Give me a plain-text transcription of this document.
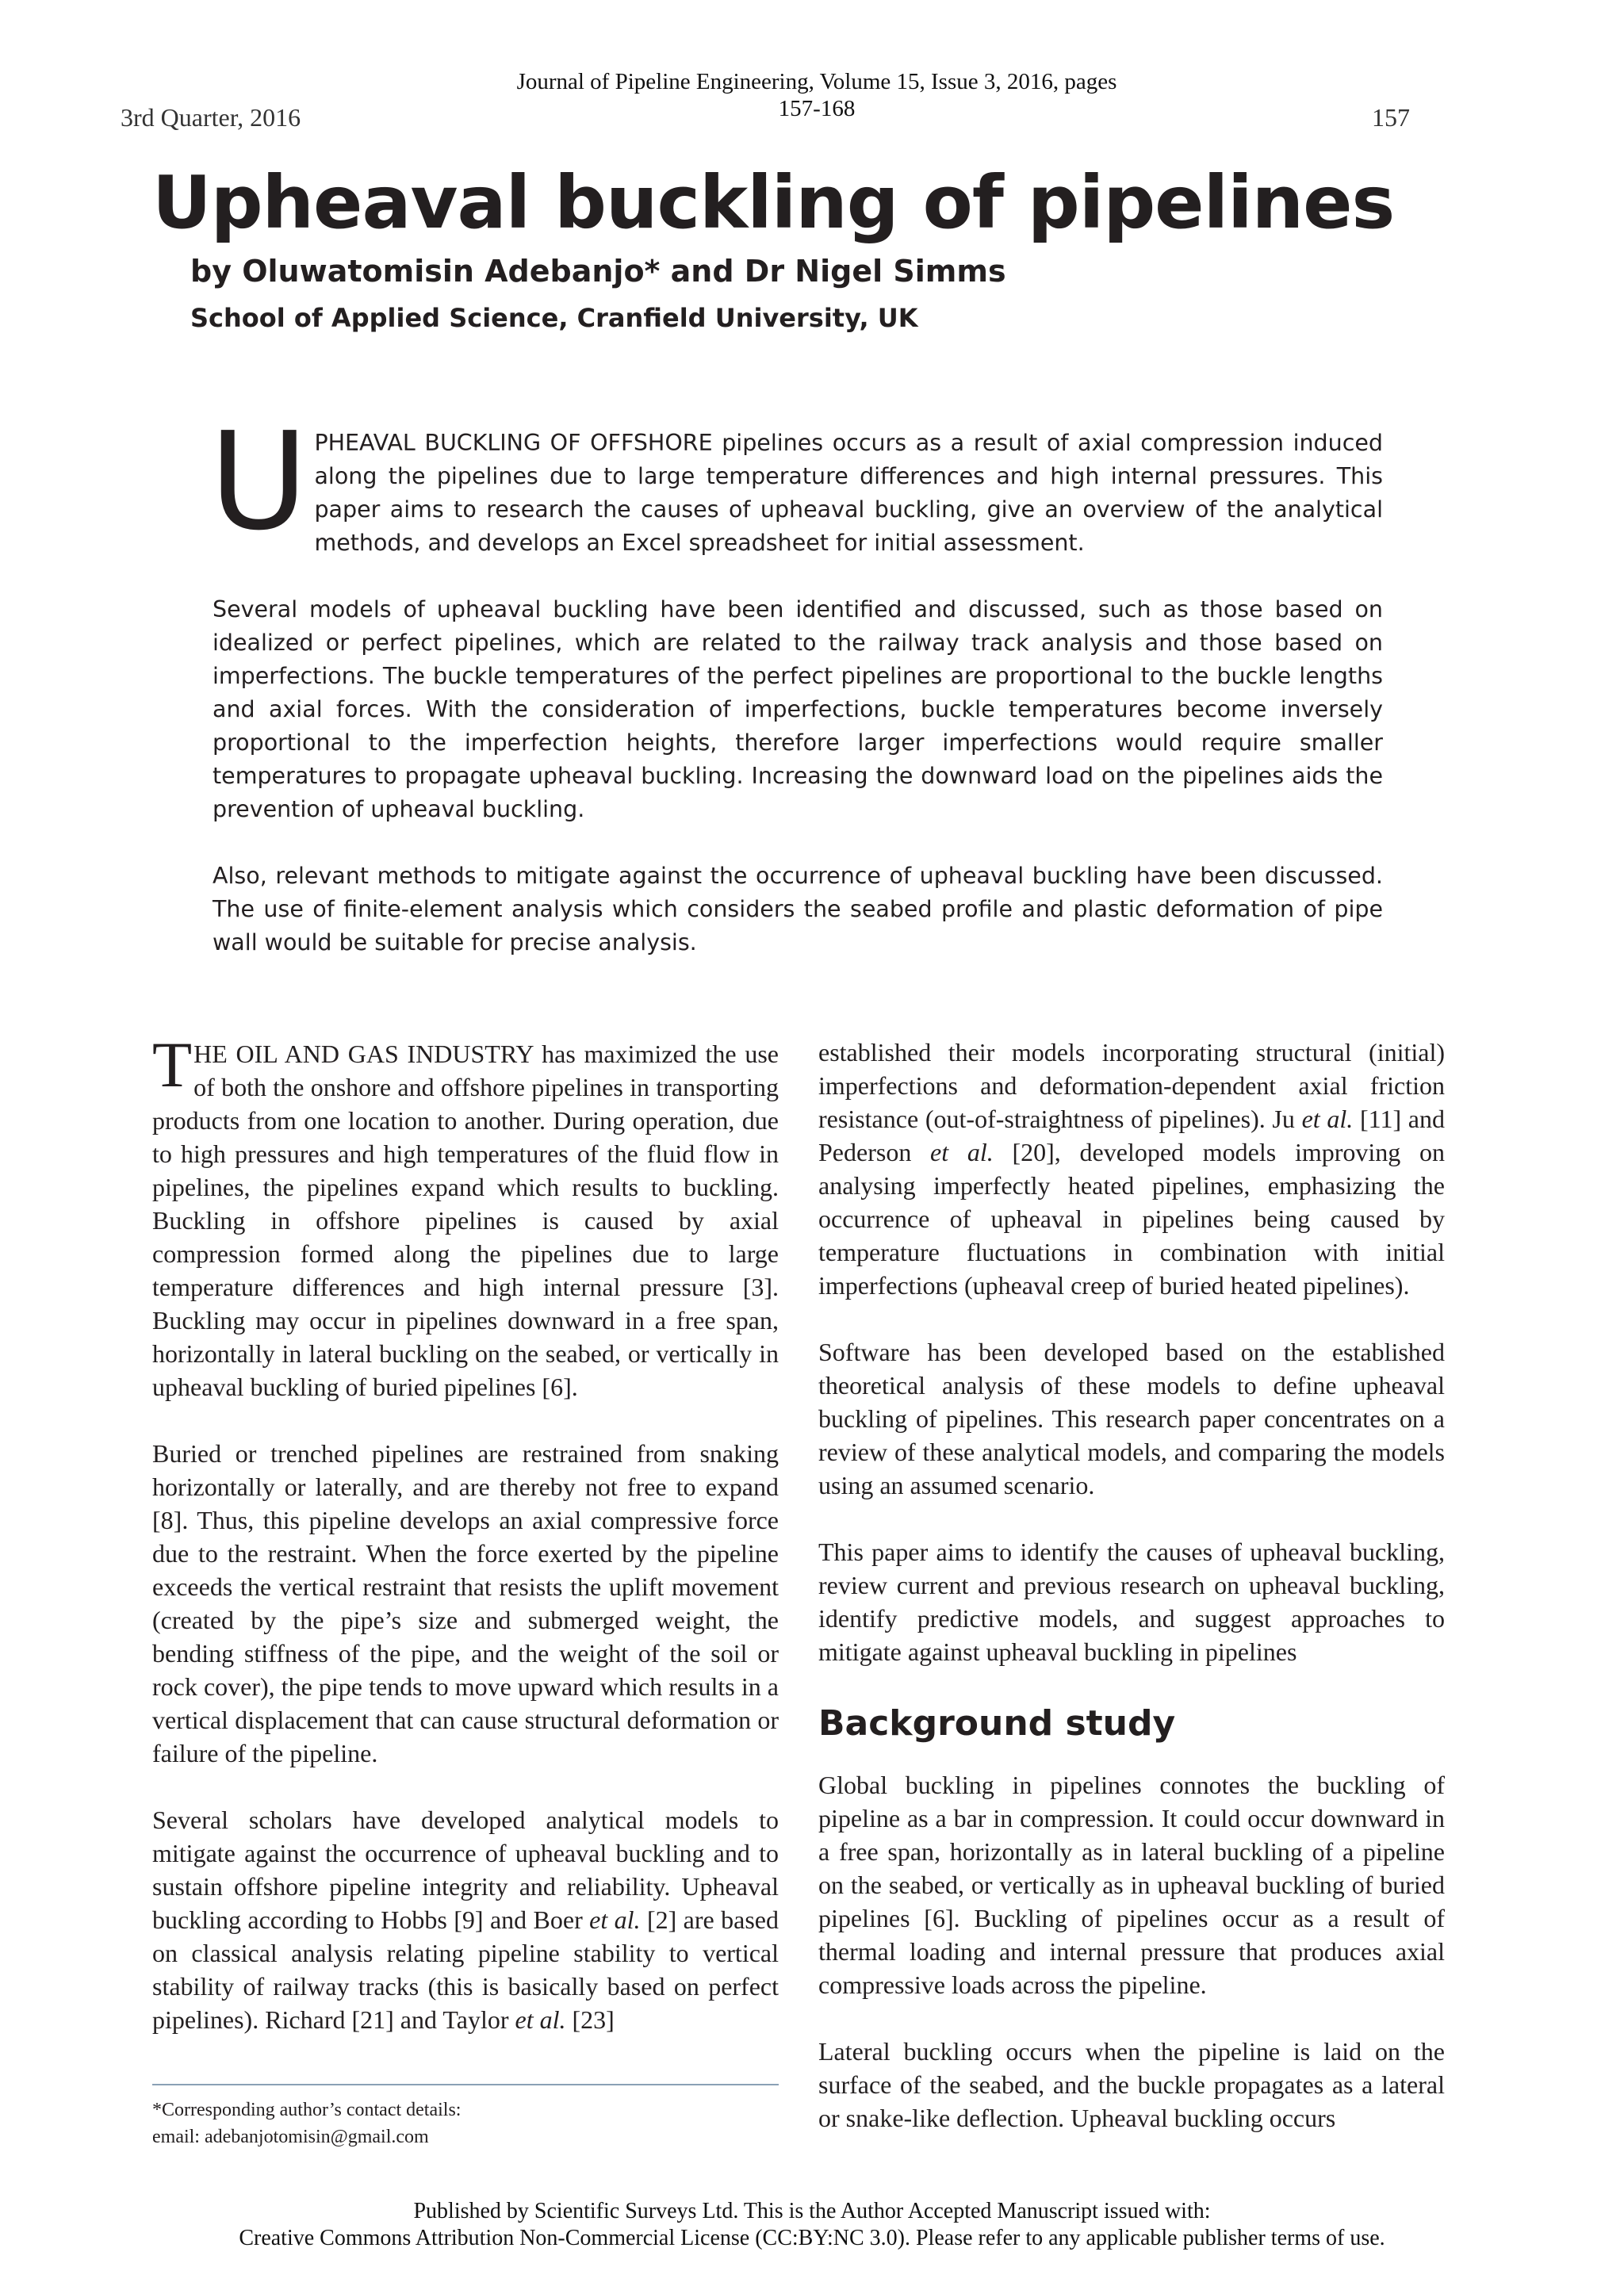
Journal of Pipeline Engineering, Volume 15, Issue 3, 2016, pages
157-168
3rd Quarter, 2016	157
Upheaval buckling of pipelines
by Oluwatomisin Adebanjo* and Dr Nigel Simms
School of Applied Science, Cranfield University, UK

UPHEAVAL BUCKLING OF OFFSHORE pipelines occurs as a result of axial compression induced along the pipelines due to large temperature differences and high internal pressures. This paper aims to research the causes of upheaval buckling, give an overview of the analytical methods, and develops an Excel spreadsheet for initial assessment.

Several models of upheaval buckling have been identified and discussed, such as those based on idealized or perfect pipelines, which are related to the railway track analysis and those based on imperfections. The buckle temperatures of the perfect pipelines are proportional to the buckle lengths and axial forces. With the consideration of imperfections, buckle temperatures become inversely proportional to the imperfection heights, therefore larger imperfections would require smaller temperatures to propagate upheaval buckling. Increasing the downward load on the pipelines aids the prevention of upheaval buckling.

Also, relevant methods to mitigate against the occurrence of upheaval buckling have been discussed. The use of finite-element analysis which considers the seabed profile and plastic deformation of pipe wall would be suitable for precise analysis.

THE OIL AND GAS INDUSTRY has maximized the use of both the onshore and offshore pipelines in transporting products from one location to another. During operation, due to high pressures and high temperatures of the fluid flow in pipelines, the pipelines expand which results to buckling. Buckling in offshore pipelines is caused by axial compression formed along the pipelines due to large temperature differences and high internal pressure [3]. Buckling may occur in pipelines downward in a free span, horizontally in lateral buckling on the seabed, or vertically in upheaval buckling of buried pipelines [6].

Buried or trenched pipelines are restrained from snaking horizontally or laterally, and are thereby not free to expand [8]. Thus, this pipeline develops an axial compressive force due to the restraint. When the force exerted by the pipeline exceeds the vertical restraint that resists the uplift movement (created by the pipe’s size and submerged weight, the bending stiffness of the pipe, and the weight of the soil or rock cover), the pipe tends to move upward which results in a vertical displacement that can cause structural deformation or failure of the pipeline.

Several scholars have developed analytical models to mitigate against the occurrence of upheaval buckling and to sustain offshore pipeline integrity and reliability. Upheaval buckling according to Hobbs [9] and Boer et al. [2] are based on classical analysis relating pipeline stability to vertical stability of railway tracks (this is basically based on perfect pipelines). Richard [21] and Taylor et al. [23]

established their models incorporating structural (initial) imperfections and deformation-dependent axial friction resistance (out-of-straightness of pipelines). Ju et al. [11] and Pederson et al. [20], developed models improving on analysing imperfectly heated pipelines, emphasizing the occurrence of upheaval in pipelines being caused by temperature fluctuations in combination with initial imperfections (upheaval creep of buried heated pipelines).

Software has been developed based on the established theoretical analysis of these models to define upheaval buckling of pipelines. This research paper concentrates on a review of these analytical models, and comparing the models using an assumed scenario.

This paper aims to identify the causes of upheaval buckling, review current and previous research on upheaval buckling, identify predictive models, and suggest approaches to mitigate against upheaval buckling in pipelines

Background study

Global buckling in pipelines connotes the buckling of pipeline as a bar in compression. It could occur downward in a free span, horizontally as in lateral buckling of a pipeline on the seabed, or vertically as in upheaval buckling of buried pipelines [6]. Buckling of pipelines occur as a result of thermal loading and internal pressure that produces axial compressive loads across the pipeline.

Lateral buckling occurs when the pipeline is laid on the surface of the seabed, and the buckle propagates as a lateral or snake-like deflection. Upheaval buckling occurs

*Corresponding author’s contact details:
email: adebanjotomisin@gmail.com
Published by Scientific Surveys Ltd. This is the Author Accepted Manuscript issued with:
Creative Commons Attribution Non-Commercial License (CC:BY:NC 3.0). Please refer to any applicable publisher terms of use.
